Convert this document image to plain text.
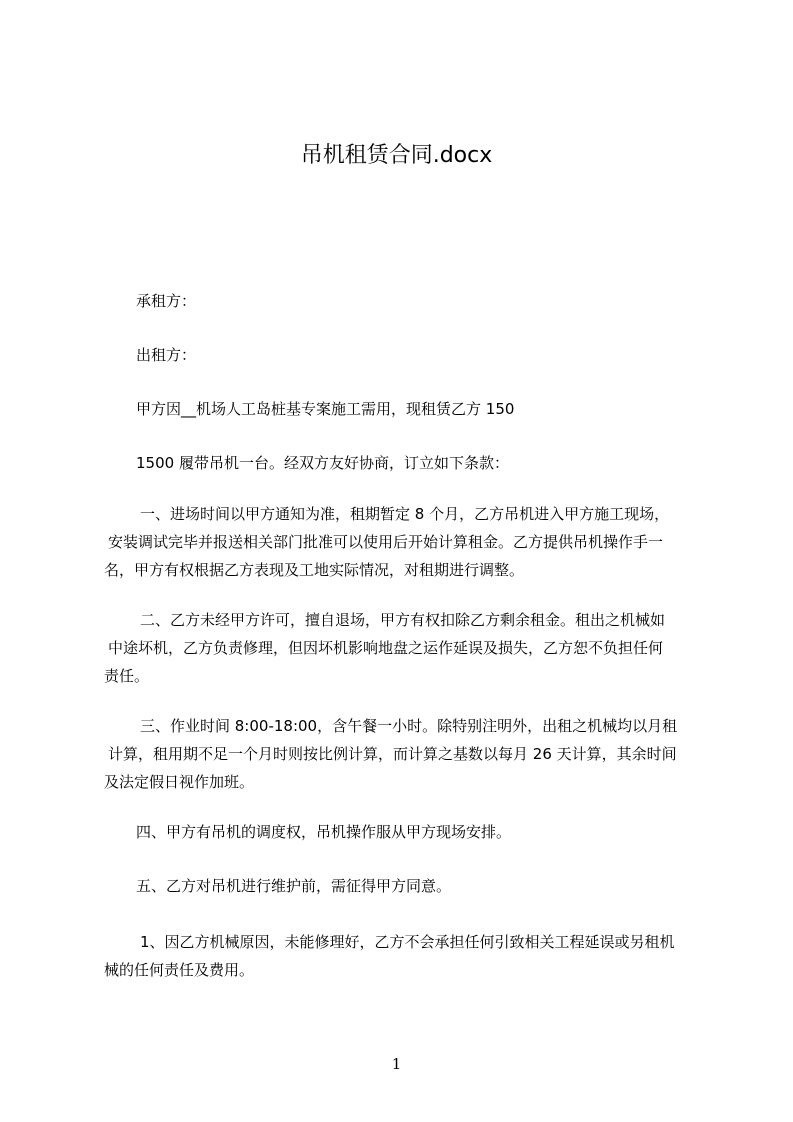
吊机租赁合同.docx

承租方：

出租方：

甲方因__机场人工岛桩基专案施工需用，现租赁乙方 150

1500 履带吊机一台。经双方友好协商，订立如下条款：

一、进场时间以甲方通知为准，租期暂定 8 个月，乙方吊机进入甲方施工现场，
安装调试完毕并报送相关部门批准可以使用后开始计算租金。乙方提供吊机操作手一
名，甲方有权根据乙方表现及工地实际情况，对租期进行调整。

二、乙方未经甲方许可，擅自退场，甲方有权扣除乙方剩余租金。租出之机械如
中途坏机，乙方负责修理，但因坏机影响地盘之运作延误及损失，乙方恕不负担任何
责任。

三、作业时间 8:00-18:00，含午餐一小时。除特别注明外，出租之机械均以月租
计算，租用期不足一个月时则按比例计算，而计算之基数以每月 26 天计算，其余时间
及法定假日视作加班。

四、甲方有吊机的调度权，吊机操作服从甲方现场安排。

五、乙方对吊机进行维护前，需征得甲方同意。

1、因乙方机械原因，未能修理好，乙方不会承担任何引致相关工程延误或另租机
械的任何责任及费用。

1
